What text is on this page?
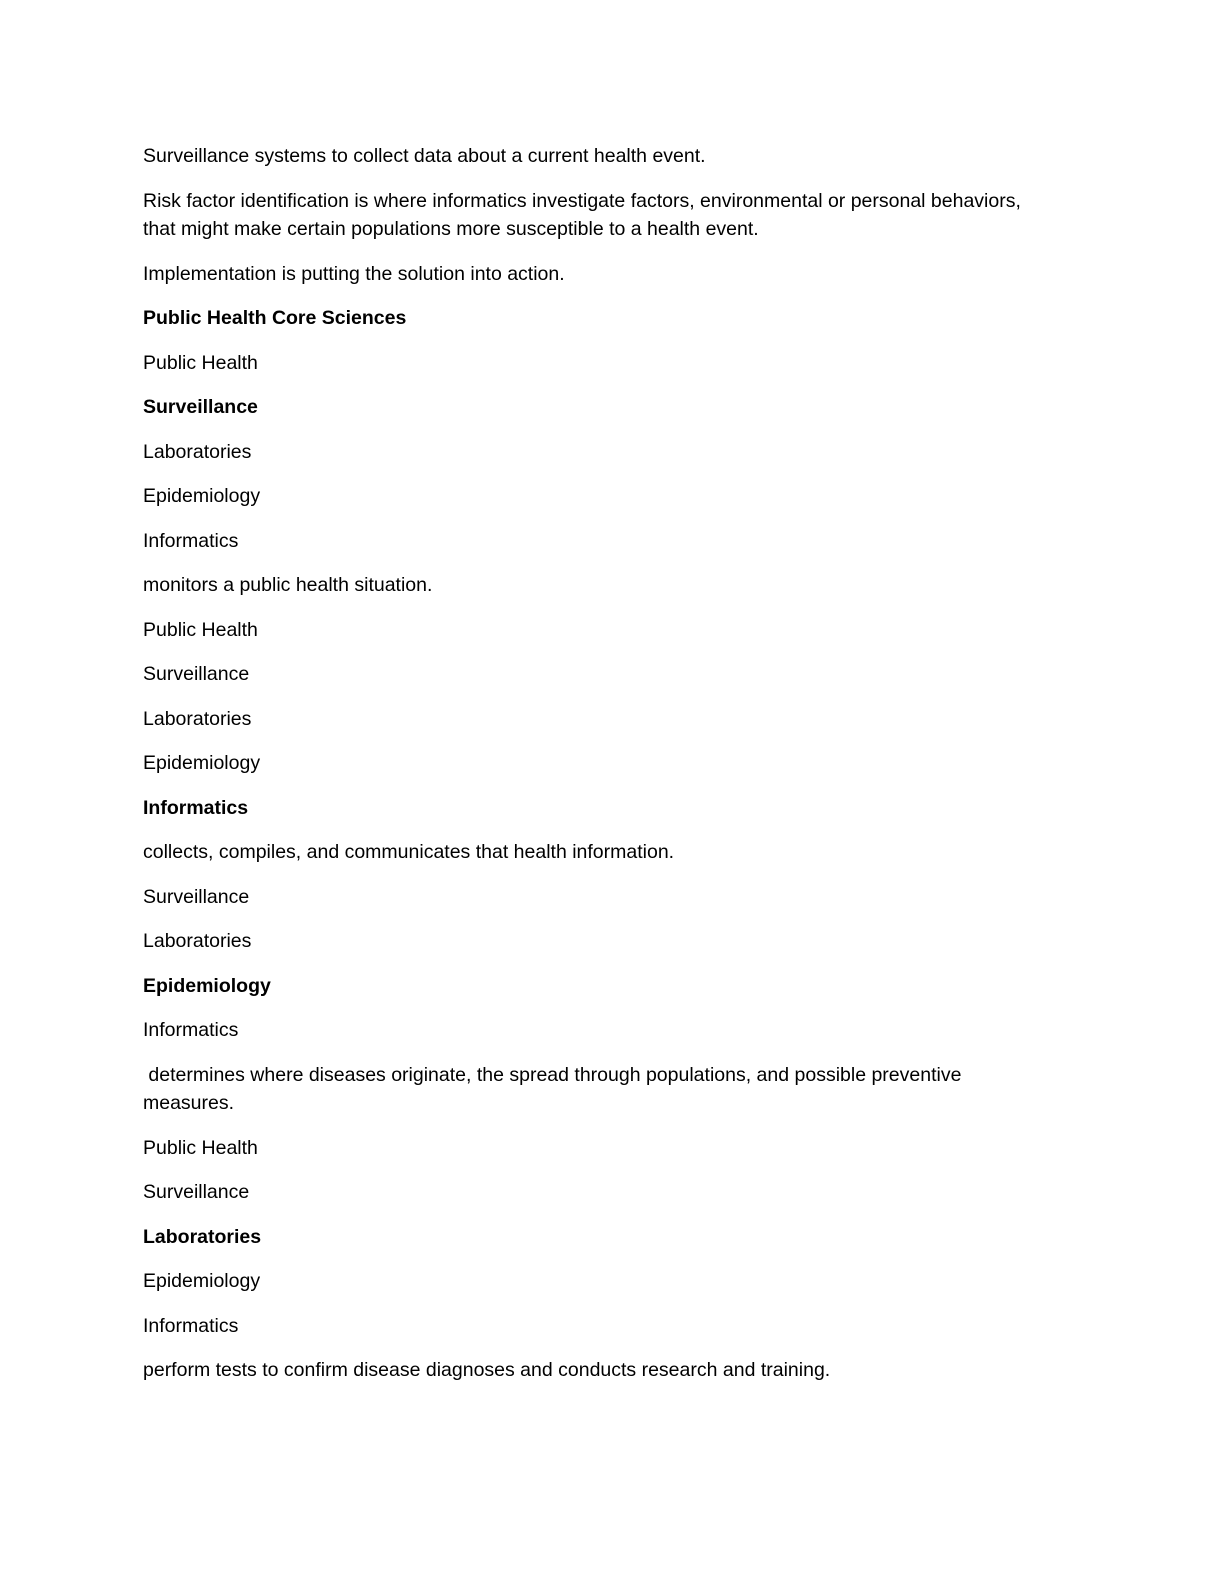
Surveillance systems to collect data about a current health event.

Risk factor identification is where informatics investigate factors, environmental or personal behaviors, that might make certain populations more susceptible to a health event.

Implementation is putting the solution into action.

Public Health Core Sciences

Public Health

Surveillance

Laboratories

Epidemiology

Informatics

monitors a public health situation.

Public Health

Surveillance

Laboratories

Epidemiology

Informatics

collects, compiles, and communicates that health information.

Surveillance

Laboratories

Epidemiology

Informatics

determines where diseases originate, the spread through populations, and possible preventive measures.

Public Health

Surveillance

Laboratories

Epidemiology

Informatics

perform tests to confirm disease diagnoses and conducts research and training.
